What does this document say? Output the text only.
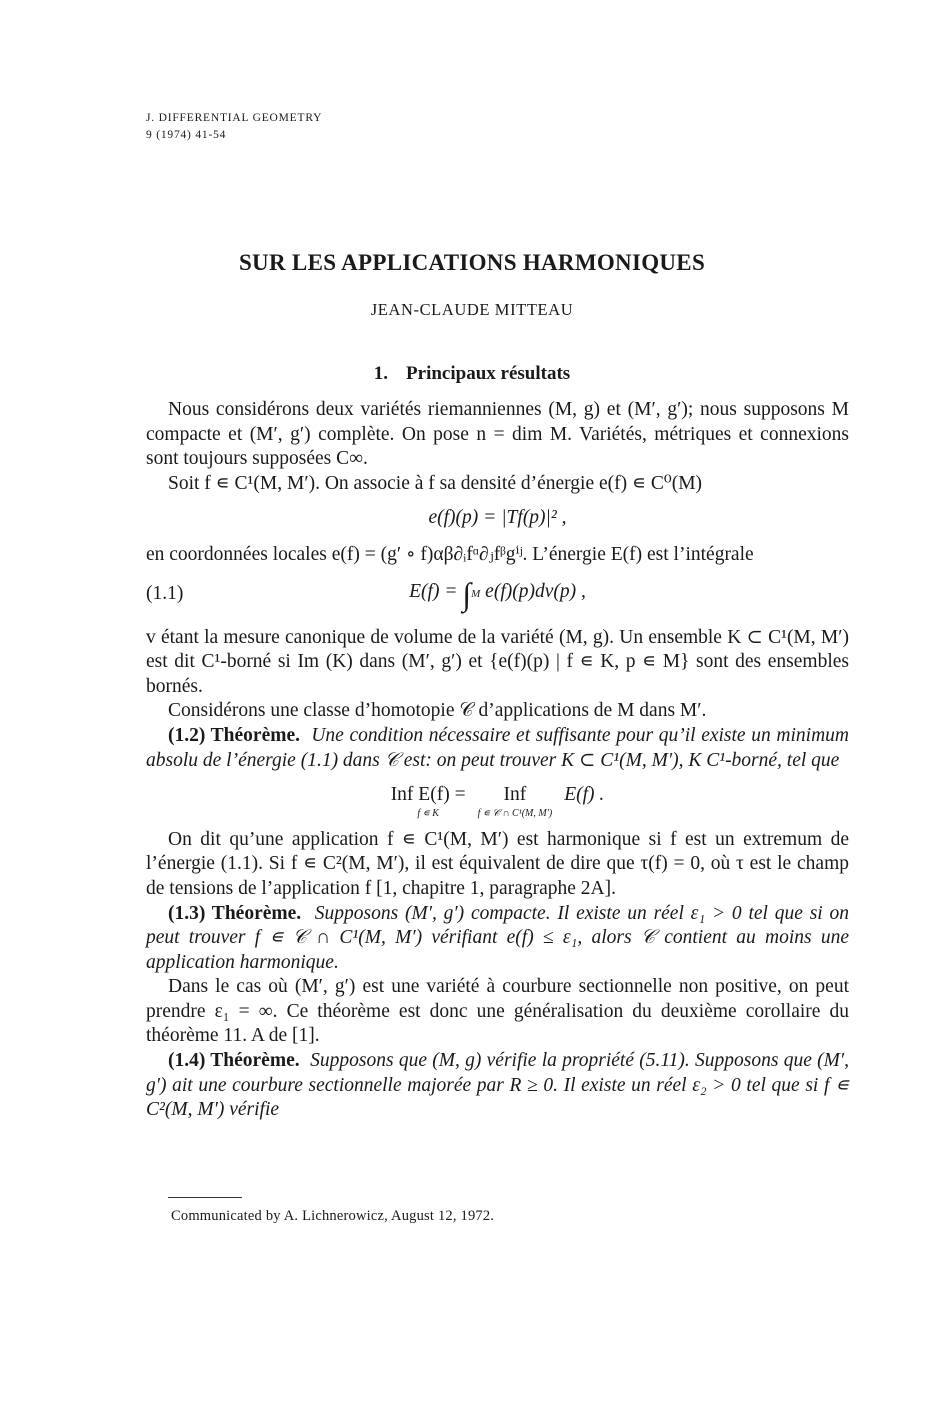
J. DIFFERENTIAL GEOMETRY
9 (1974) 41-54
SUR LES APPLICATIONS HARMONIQUES
JEAN-CLAUDE MITTEAU
1. Principaux résultats

Nous considérons deux variétés riemanniennes (M, g) et (M′, g′); nous supposons M compacte et (M′, g′) complète. On pose n = dim M. Variétés, métriques et connexions sont toujours supposées C∞.

Soit f ∊ C¹(M, M′). On associe à f sa densité d’énergie e(f) ∊ C⁰(M)

e(f)(p) = |Tf(p)|² ,

en coordonnées locales e(f) = (g′ ∘ f)αβ∂ᵢfᵅ∂ⱼfᵝgⁱʲ. L’énergie E(f) est l’intégrale

(1.1)	E(f) = ∫M e(f)(p)dv(p) ,

v étant la mesure canonique de volume de la variété (M, g). Un ensemble K ⊂ C¹(M, M′) est dit C¹-borné si Im (K) dans (M′, g′) et {e(f)(p) | f ∊ K, p ∊ M} sont des ensembles bornés.

Considérons une classe d’homotopie 𝒞 d’applications de M dans M′.

(1.2) Théorème. Une condition nécessaire et suffisante pour qu’il existe un minimum absolu de l’énergie (1.1) dans 𝒞 est: on peut trouver K ⊂ C¹(M, M′), K C¹-borné, tel que

Inf E(f) =
f ∊ K
Inf
f ∊ 𝒞 ∩ C¹(M, M′)
E(f) .

On dit qu’une application f ∊ C¹(M, M′) est harmonique si f est un extremum de l’énergie (1.1). Si f ∊ C²(M, M′), il est équivalent de dire que τ(f) = 0, où τ est le champ de tensions de l’application f [1, chapitre 1, paragraphe 2A].

(1.3) Théorème. Supposons (M′, g′) compacte. Il existe un réel ε₁ > 0 tel que si on peut trouver f ∊ 𝒞 ∩ C¹(M, M′) vérifiant e(f) ≤ ε₁, alors 𝒞 contient au moins une application harmonique.

Dans le cas où (M′, g′) est une variété à courbure sectionnelle non positive, on peut prendre ε₁ = ∞. Ce théorème est donc une généralisation du deuxième corollaire du théorème 11. A de [1].

(1.4) Théorème. Supposons que (M, g) vérifie la propriété (5.11). Supposons que (M′, g′) ait une courbure sectionnelle majorée par R ≥ 0. Il existe un réel ε₂ > 0 tel que si f ∊ C²(M, M′) vérifie

Communicated by A. Lichnerowicz, August 12, 1972.
